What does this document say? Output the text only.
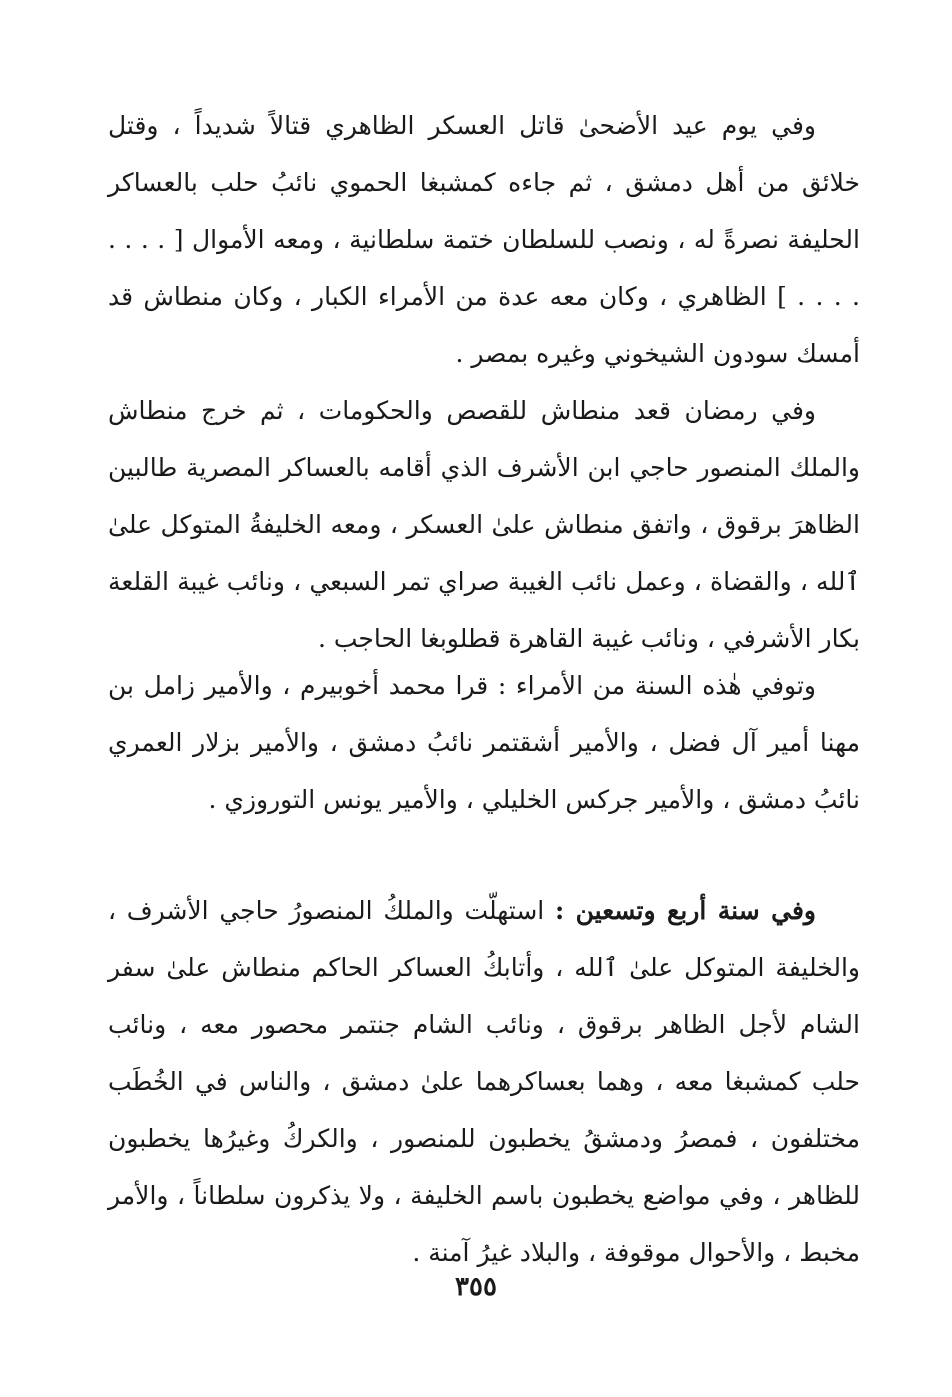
وفي يوم عيد الأضحىٰ قاتل العسكر الظاهري قتالاً شديداً ، وقتل خلائق من أهل دمشق ، ثم جاءه كمشبغا الحموي نائبُ حلب بالعساكر الحليفة نصرةً له ، ونصب للسلطان ختمة سلطانية ، ومعه الأموال [ . . . . . . . . ] الظاهري ، وكان معه عدة من الأمراء الكبار ، وكان منطاش قد أمسك سودون الشيخوني وغيره بمصر .

وفي رمضان قعد منطاش للقصص والحكومات ، ثم خرج منطاش والملك المنصور حاجي ابن الأشرف الذي أقامه بالعساكر المصرية طالبين الظاهرَ برقوق ، واتفق منطاش علىٰ العسكر ، ومعه الخليفةُ المتوكل علىٰ ٱلله ، والقضاة ، وعمل نائب الغيبة صراي تمر السبعي ، ونائب غيبة القلعة بكار الأشرفي ، ونائب غيبة القاهرة قطلوبغا الحاجب .

وتوفي هٰذه السنة من الأمراء : قرا محمد أخوبيرم ، والأمير زامل بن مهنا أمير آل فضل ، والأمير أشقتمر نائبُ دمشق ، والأمير بزلار العمري نائبُ دمشق ، والأمير جركس الخليلي ، والأمير يونس التوروزي .

وفي سنة أربع وتسعين : استهلّت والملكُ المنصورُ حاجي الأشرف ، والخليفة المتوكل علىٰ ٱلله ، وأتابكُ العساكر الحاكم منطاش علىٰ سفر الشام لأجل الظاهر برقوق ، ونائب الشام جنتمر محصور معه ، ونائب حلب كمشبغا معه ، وهما بعساكرهما علىٰ دمشق ، والناس في الخُطَب مختلفون ، فمصرُ ودمشقُ يخطبون للمنصور ، والكركُ وغيرُها يخطبون للظاهر ، وفي مواضع يخطبون باسم الخليفة ، ولا يذكرون سلطاناً ، والأمر مخبط ، والأحوال موقوفة ، والبلاد غيرُ آمنة .

٣٥٥
